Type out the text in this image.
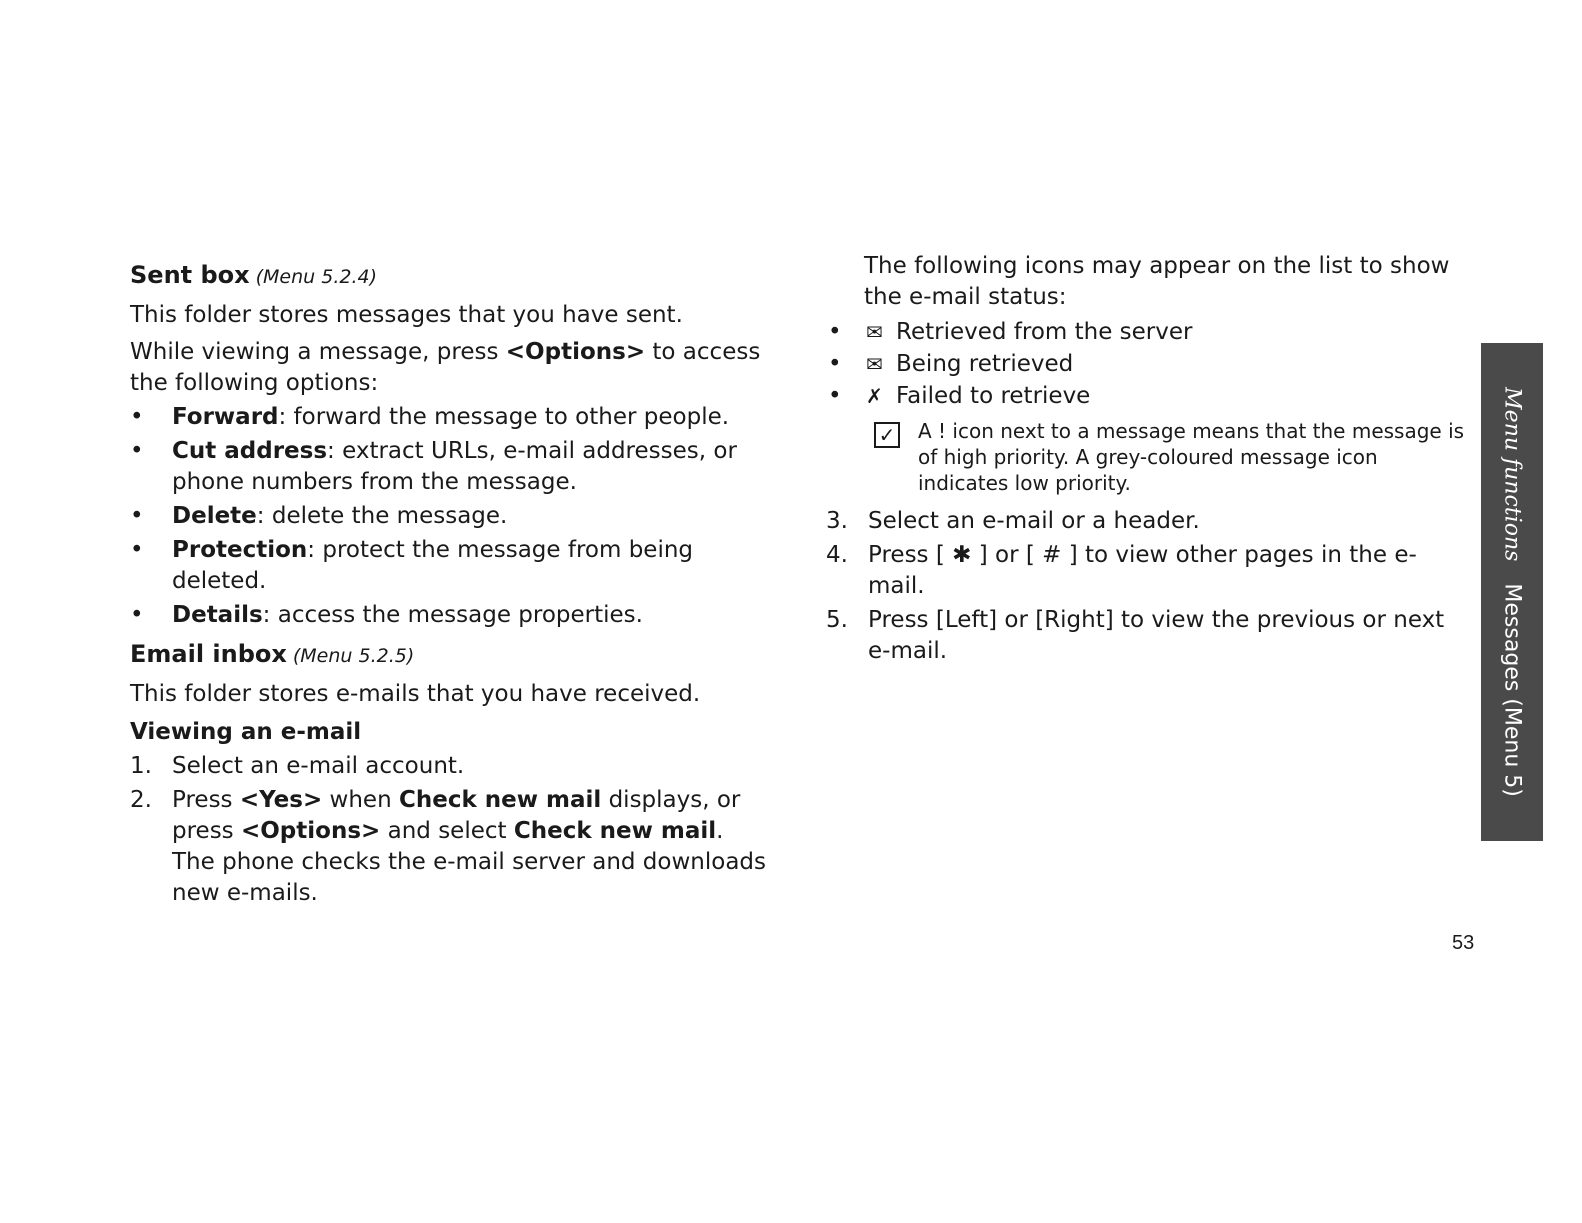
Sent box (Menu 5.2.4)

This folder stores messages that you have sent.

While viewing a message, press <Options> to access the following options:

• Forward: forward the message to other people.
• Cut address: extract URLs, e-mail addresses, or phone numbers from the message.
• Delete: delete the message.
• Protection: protect the message from being deleted.
• Details: access the message properties.
Email inbox (Menu 5.2.5)

This folder stores e-mails that you have received.

Viewing an e-mail
1. Select an e-mail account.
2. Press <Yes> when Check new mail displays, or press <Options> and select Check new mail.
The phone checks the e-mail server and downloads new e-mails.

The following icons may appear on the list to show the e-mail status:

• ✉ Retrieved from the server
• ✉ Being retrieved
• ✗ Failed to retrieve
✓ A ! icon next to a message means that the message is of high priority. A grey-coloured message icon indicates low priority.
3. Select an e-mail or a header.
4. Press [ ✱ ] or [ # ] to view other pages in the e-mail.
5. Press [Left] or [Right] to view the previous or next e-mail.
Menu functionsMessages (Menu 5)
53
